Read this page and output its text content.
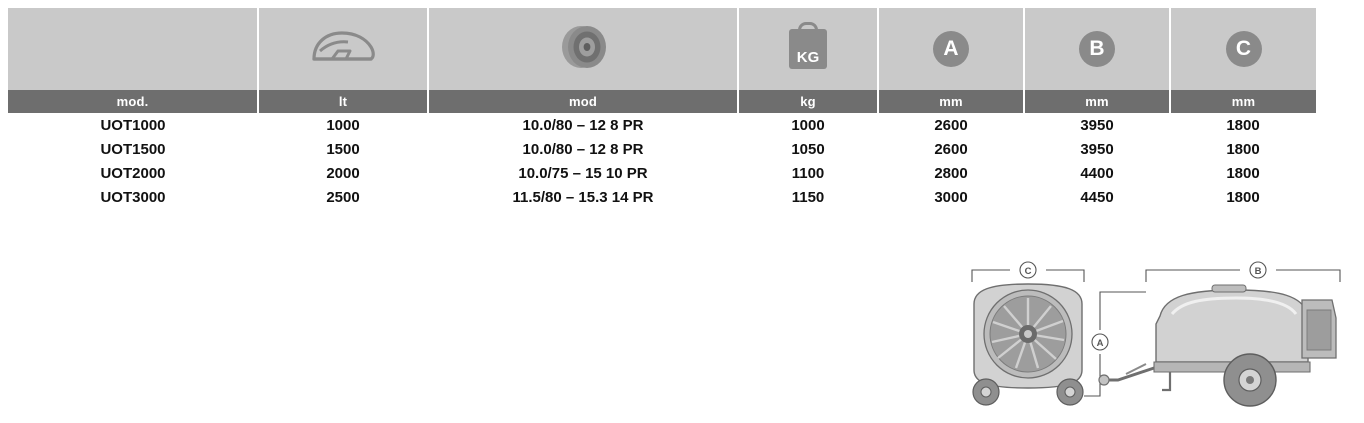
			KG	A	B	C
mod.	lt	mod	kg	mm	mm	mm
UOT1000	1000	10.0/80 – 12 8 PR	1000	2600	3950	1800
UOT1500	1500	10.0/80 – 12 8 PR	1050	2600	3950	1800
UOT2000	2000	10.0/75 – 15 10 PR	1100	2800	4400	1800
UOT3000	2500	11.5/80 – 15.3 14 PR	1150	3000	4450	1800
C	B
A
